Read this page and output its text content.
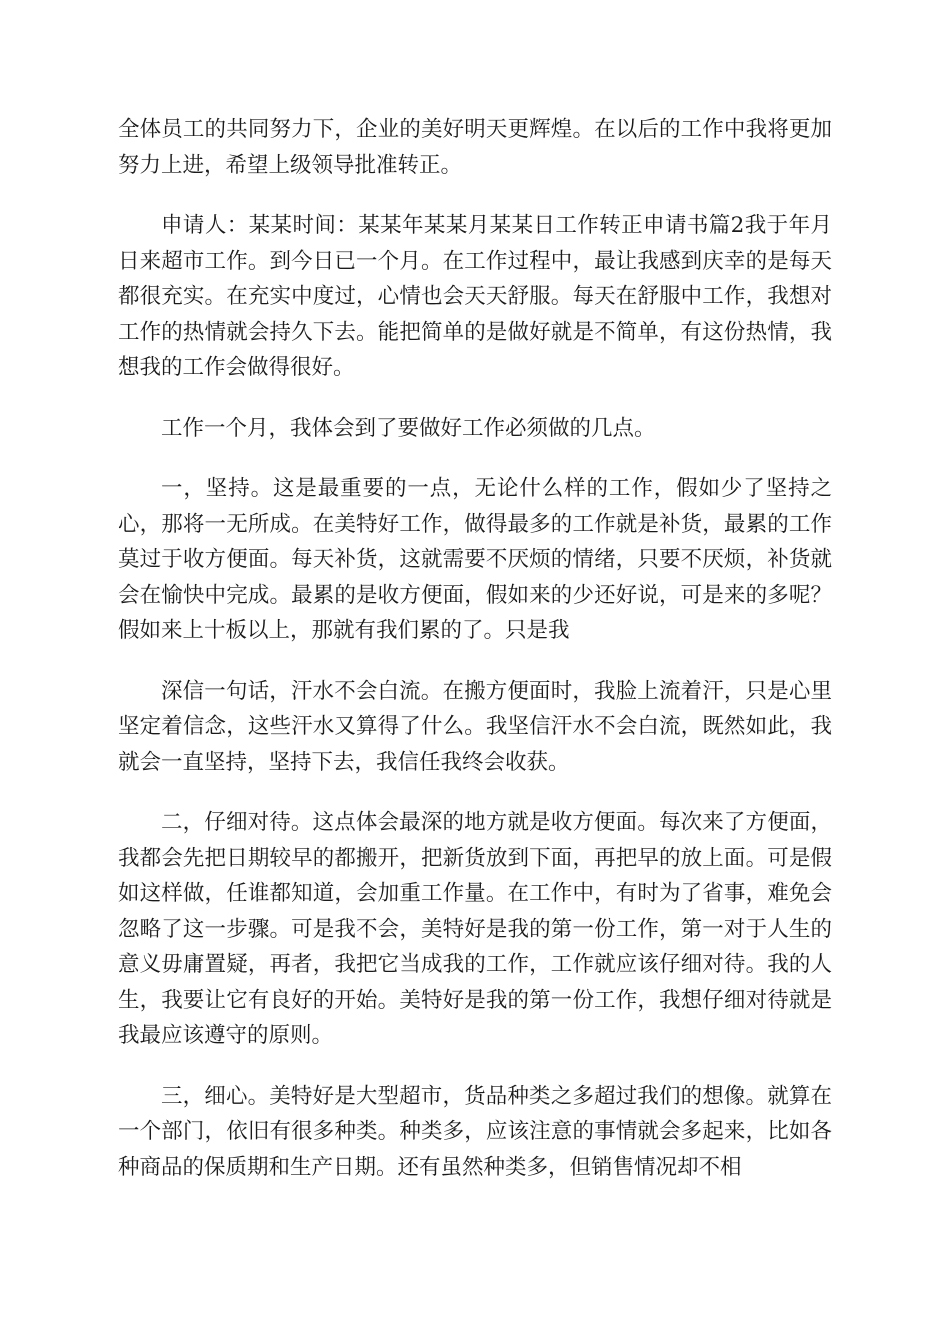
全体员工的共同努力下，企业的美好明天更辉煌。在以后的工作中我将更加努力上进，希望上级领导批准转正。

申请人：某某时间：某某年某某月某某日工作转正申请书篇2我于年月日来超市工作。到今日已一个月。在工作过程中，最让我感到庆幸的是每天都很充实。在充实中度过，心情也会天天舒服。每天在舒服中工作，我想对工作的热情就会持久下去。能把简单的是做好就是不简单，有这份热情，我想我的工作会做得很好。

工作一个月，我体会到了要做好工作必须做的几点。

一，坚持。这是最重要的一点，无论什么样的工作，假如少了坚持之心，那将一无所成。在美特好工作，做得最多的工作就是补货，最累的工作莫过于收方便面。每天补货，这就需要不厌烦的情绪，只要不厌烦，补货就会在愉快中完成。最累的是收方便面，假如来的少还好说，可是来的多呢？假如来上十板以上，那就有我们累的了。只是我

深信一句话，汗水不会白流。在搬方便面时，我脸上流着汗，只是心里坚定着信念，这些汗水又算得了什么。我坚信汗水不会白流，既然如此，我就会一直坚持，坚持下去，我信任我终会收获。

二，仔细对待。这点体会最深的地方就是收方便面。每次来了方便面，我都会先把日期较早的都搬开，把新货放到下面，再把早的放上面。可是假如这样做，任谁都知道，会加重工作量。在工作中，有时为了省事，难免会忽略了这一步骤。可是我不会，美特好是我的第一份工作，第一对于人生的意义毋庸置疑，再者，我把它当成我的工作，工作就应该仔细对待。我的人生，我要让它有良好的开始。美特好是我的第一份工作，我想仔细对待就是我最应该遵守的原则。

三，细心。美特好是大型超市，货品种类之多超过我们的想像。就算在一个部门，依旧有很多种类。种类多，应该注意的事情就会多起来，比如各种商品的保质期和生产日期。还有虽然种类多，但销售情况却不相
